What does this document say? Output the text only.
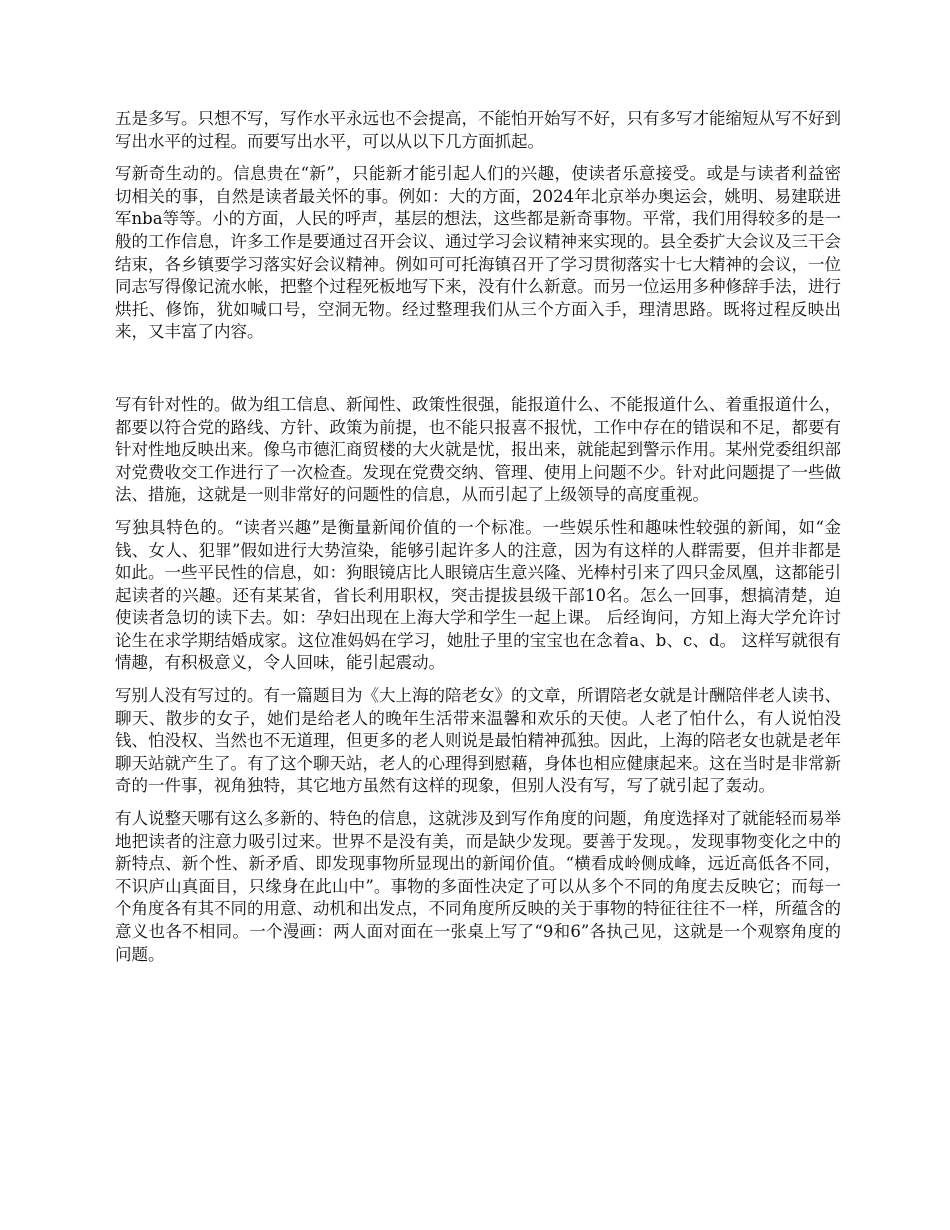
五是多写。只想不写，写作水平永远也不会提高，不能怕开始写不好，只有多写才能缩短从写不好到写出水平的过程。而要写出水平，可以从以下几方面抓起。

写新奇生动的。信息贵在“新”，只能新才能引起人们的兴趣，使读者乐意接受。或是与读者利益密切相关的事，自然是读者最关怀的事。例如：大的方面，2024年北京举办奥运会，姚明、易建联进军nba等等。小的方面，人民的呼声，基层的想法，这些都是新奇事物。平常，我们用得较多的是一般的工作信息，许多工作是要通过召开会议、通过学习会议精神来实现的。县全委扩大会议及三干会结束，各乡镇要学习落实好会议精神。例如可可托海镇召开了学习贯彻落实十七大精神的会议，一位同志写得像记流水帐，把整个过程死板地写下来，没有什么新意。而另一位运用多种修辞手法，进行烘托、修饰，犹如喊口号，空洞无物。经过整理我们从三个方面入手，理清思路。既将过程反映出来，又丰富了内容。

写有针对性的。做为组工信息、新闻性、政策性很强，能报道什么、不能报道什么、着重报道什么，都要以符合党的路线、方针、政策为前提，也不能只报喜不报忧，工作中存在的错误和不足，都要有针对性地反映出来。像乌市德汇商贸楼的大火就是忧，报出来，就能起到警示作用。某州党委组织部对党费收交工作进行了一次检查。发现在党费交纳、管理、使用上问题不少。针对此问题提了一些做法、措施，这就是一则非常好的问题性的信息，从而引起了上级领导的高度重视。

写独具特色的。“读者兴趣”是衡量新闻价值的一个标准。一些娱乐性和趣味性较强的新闻，如“金钱、女人、犯罪”假如进行大势渲染，能够引起许多人的注意，因为有这样的人群需要，但并非都是如此。一些平民性的信息，如：狗眼镜店比人眼镜店生意兴隆、光棒村引来了四只金凤凰，这都能引起读者的兴趣。还有某某省，省长利用职权，突击提拔县级干部10名。怎么一回事，想搞清楚，迫使读者急切的读下去。如：孕妇出现在上海大学和学生一起上课。 后经询问，方知上海大学允许讨论生在求学期结婚成家。这位准妈妈在学习，她肚子里的宝宝也在念着a、b、c、d。 这样写就很有情趣，有积极意义，令人回味，能引起震动。

写别人没有写过的。有一篇题目为《大上海的陪老女》的文章，所谓陪老女就是计酬陪伴老人读书、聊天、散步的女子，她们是给老人的晚年生活带来温馨和欢乐的天使。人老了怕什么，有人说怕没钱、怕没权、当然也不无道理，但更多的老人则说是最怕精神孤独。因此，上海的陪老女也就是老年聊天站就产生了。有了这个聊天站，老人的心理得到慰藉，身体也相应健康起来。这在当时是非常新奇的一件事，视角独特，其它地方虽然有这样的现象，但别人没有写，写了就引起了轰动。

有人说整天哪有这么多新的、特色的信息，这就涉及到写作角度的问题，角度选择对了就能轻而易举地把读者的注意力吸引过来。世界不是没有美，而是缺少发现。要善于发现。，发现事物变化之中的新特点、新个性、新矛盾、即发现事物所显现出的新闻价值。“横看成岭侧成峰，远近高低各不同，不识庐山真面目，只缘身在此山中”。事物的多面性决定了可以从多个不同的角度去反映它；而每一个角度各有其不同的用意、动机和出发点，不同角度所反映的关于事物的特征往往不一样，所蕴含的意义也各不相同。一个漫画：两人面对面在一张桌上写了“9和6”各执己见，这就是一个观察角度的问题。
